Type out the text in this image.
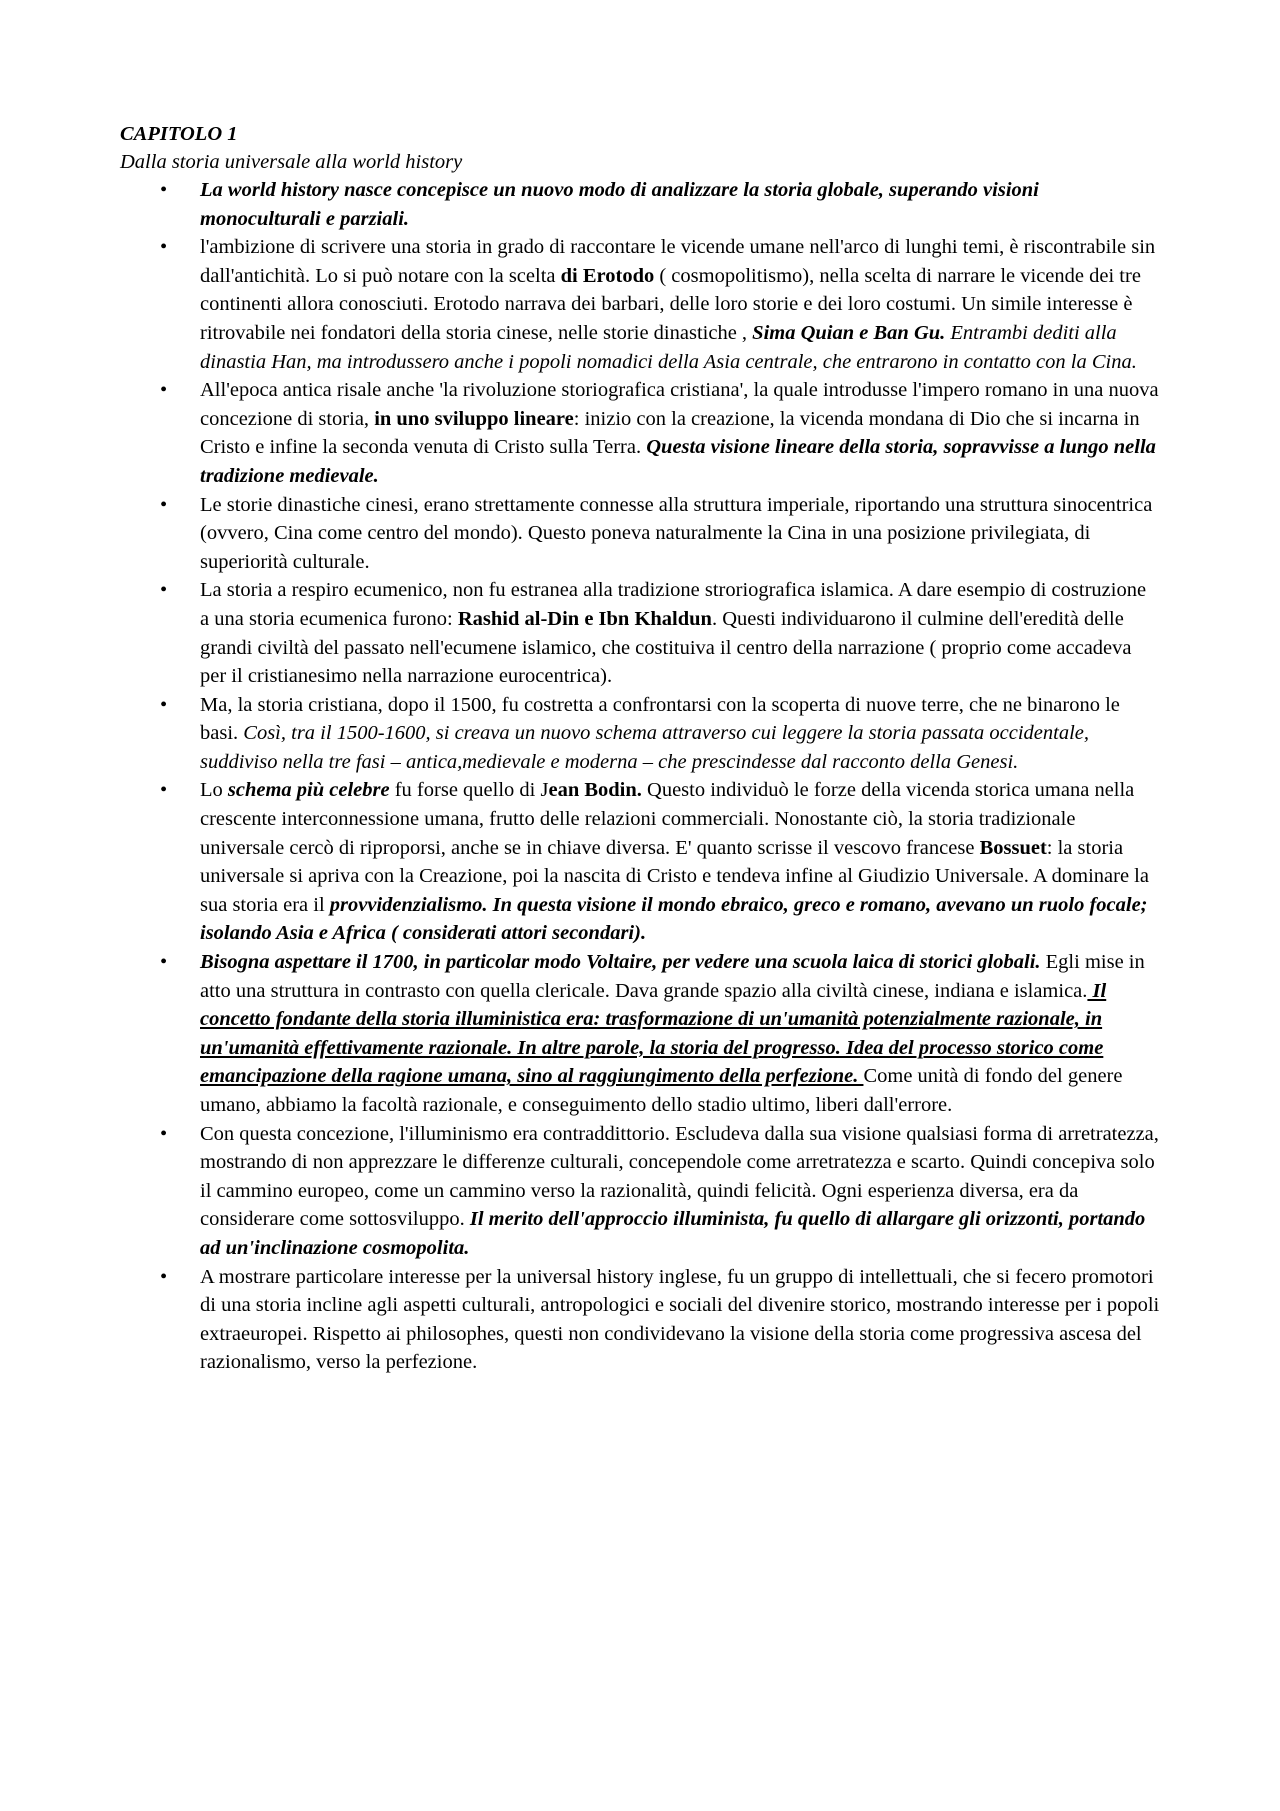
CAPITOLO 1

Dalla storia universale alla world history

• La world history nasce concepisce un nuovo modo di analizzare la storia globale, superando visioni monoculturali e parziali.
• l'ambizione di scrivere una storia in grado di raccontare le vicende umane nell'arco di lunghi temi, è riscontrabile sin dall'antichità. Lo si può notare con la scelta di Erotodo ( cosmopolitismo), nella scelta di narrare le vicende dei tre continenti allora conosciuti. Erotodo narrava dei barbari, delle loro storie e dei loro costumi. Un simile interesse è ritrovabile nei fondatori della storia cinese, nelle storie dinastiche , Sima Quian e Ban Gu. Entrambi dediti alla dinastia Han, ma introdussero anche i popoli nomadici della Asia centrale, che entrarono in contatto con la Cina.
• All'epoca antica risale anche 'la rivoluzione storiografica cristiana', la quale introdusse l'impero romano in una nuova concezione di storia, in uno sviluppo lineare: inizio con la creazione, la vicenda mondana di Dio che si incarna in Cristo e infine la seconda venuta di Cristo sulla Terra. Questa visione lineare della storia, sopravvisse a lungo nella tradizione medievale.
• Le storie dinastiche cinesi, erano strettamente connesse alla struttura imperiale, riportando una struttura sinocentrica (ovvero, Cina come centro del mondo). Questo poneva naturalmente la Cina in una posizione privilegiata, di superiorità culturale.
• La storia a respiro ecumenico, non fu estranea alla tradizione stroriografica islamica. A dare esempio di costruzione a una storia ecumenica furono: Rashid al-Din e Ibn Khaldun. Questi individuarono il culmine dell'eredità delle grandi civiltà del passato nell'ecumene islamico, che costituiva il centro della narrazione ( proprio come accadeva per il cristianesimo nella narrazione eurocentrica).
• Ma, la storia cristiana, dopo il 1500, fu costretta a confrontarsi con la scoperta di nuove terre, che ne binarono le basi. Così, tra il 1500-1600, si creava un nuovo schema attraverso cui leggere la storia passata occidentale, suddiviso nella tre fasi – antica,medievale e moderna – che prescindesse dal racconto della Genesi.
• Lo schema più celebre fu forse quello di Jean Bodin. Questo individuò le forze della vicenda storica umana nella crescente interconnessione umana, frutto delle relazioni commerciali. Nonostante ciò, la storia tradizionale universale cercò di riproporsi, anche se in chiave diversa. E' quanto scrisse il vescovo francese Bossuet: la storia universale si apriva con la Creazione, poi la nascita di Cristo e tendeva infine al Giudizio Universale. A dominare la sua storia era il provvidenzialismo. In questa visione il mondo ebraico, greco e romano, avevano un ruolo focale; isolando Asia e Africa ( considerati attori secondari).
• Bisogna aspettare il 1700, in particolar modo Voltaire, per vedere una scuola laica di storici globali. Egli mise in atto una struttura in contrasto con quella clericale. Dava grande spazio alla civiltà cinese, indiana e islamica. Il concetto fondante della storia illuministica era: trasformazione di un'umanità potenzialmente razionale, in un'umanità effettivamente razionale. In altre parole, la storia del progresso. Idea del processo storico come emancipazione della ragione umana, sino al raggiungimento della perfezione. Come unità di fondo del genere umano, abbiamo la facoltà razionale, e conseguimento dello stadio ultimo, liberi dall'errore.
• Con questa concezione, l'illuminismo era contraddittorio. Escludeva dalla sua visione qualsiasi forma di arretratezza, mostrando di non apprezzare le differenze culturali, concependole come arretratezza e scarto. Quindi concepiva solo il cammino europeo, come un cammino verso la razionalità, quindi felicità. Ogni esperienza diversa, era da considerare come sottosviluppo. Il merito dell'approccio illuminista, fu quello di allargare gli orizzonti, portando ad un'inclinazione cosmopolita.
• A mostrare particolare interesse per la universal history inglese, fu un gruppo di intellettuali, che si fecero promotori di una storia incline agli aspetti culturali, antropologici e sociali del divenire storico, mostrando interesse per i popoli extraeuropei. Rispetto ai philosophes, questi non condividevano la visione della storia come progressiva ascesa del razionalismo, verso la perfezione.
